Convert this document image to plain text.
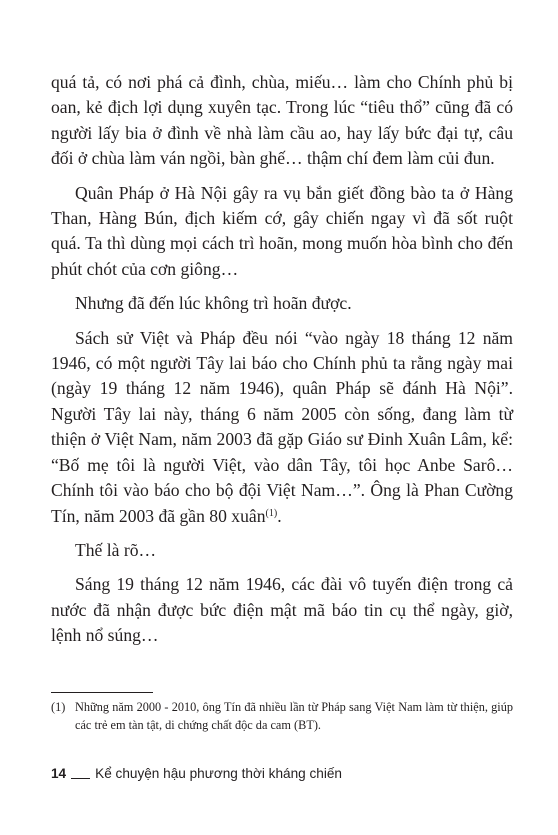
quá tả, có nơi phá cả đình, chùa, miếu… làm cho Chính phủ bị oan, kẻ địch lợi dụng xuyên tạc. Trong lúc “tiêu thổ” cũng đã có người lấy bia ở đình về nhà làm cầu ao, hay lấy bức đại tự, câu đối ở chùa làm ván ngồi, bàn ghế… thậm chí đem làm củi đun.

Quân Pháp ở Hà Nội gây ra vụ bắn giết đồng bào ta ở Hàng Than, Hàng Bún, địch kiếm cớ, gây chiến ngay vì đã sốt ruột quá. Ta thì dùng mọi cách trì hoãn, mong muốn hòa bình cho đến phút chót của cơn giông…

Nhưng đã đến lúc không trì hoãn được.

Sách sử Việt và Pháp đều nói “vào ngày 18 tháng 12 năm 1946, có một người Tây lai báo cho Chính phủ ta rằng ngày mai (ngày 19 tháng 12 năm 1946), quân Pháp sẽ đánh Hà Nội”. Người Tây lai này, tháng 6 năm 2005 còn sống, đang làm từ thiện ở Việt Nam, năm 2003 đã gặp Giáo sư Đinh Xuân Lâm, kể: “Bố mẹ tôi là người Việt, vào dân Tây, tôi học Anbe Sarô… Chính tôi vào báo cho bộ đội Việt Nam…”. Ông là Phan Cường Tín, năm 2003 đã gần 80 xuân$^{(1)}$.

Thế là rõ…

Sáng 19 tháng 12 năm 1946, các đài vô tuyến điện trong cả nước đã nhận được bức điện mật mã báo tin cụ thể ngày, giờ, lệnh nổ súng…

(1) Những năm 2000 - 2010, ông Tín đã nhiều lần từ Pháp sang Việt Nam làm từ thiện, giúp các trẻ em tàn tật, di chứng chất độc da cam (BT).
14 Kể chuyện hậu phương thời kháng chiến
